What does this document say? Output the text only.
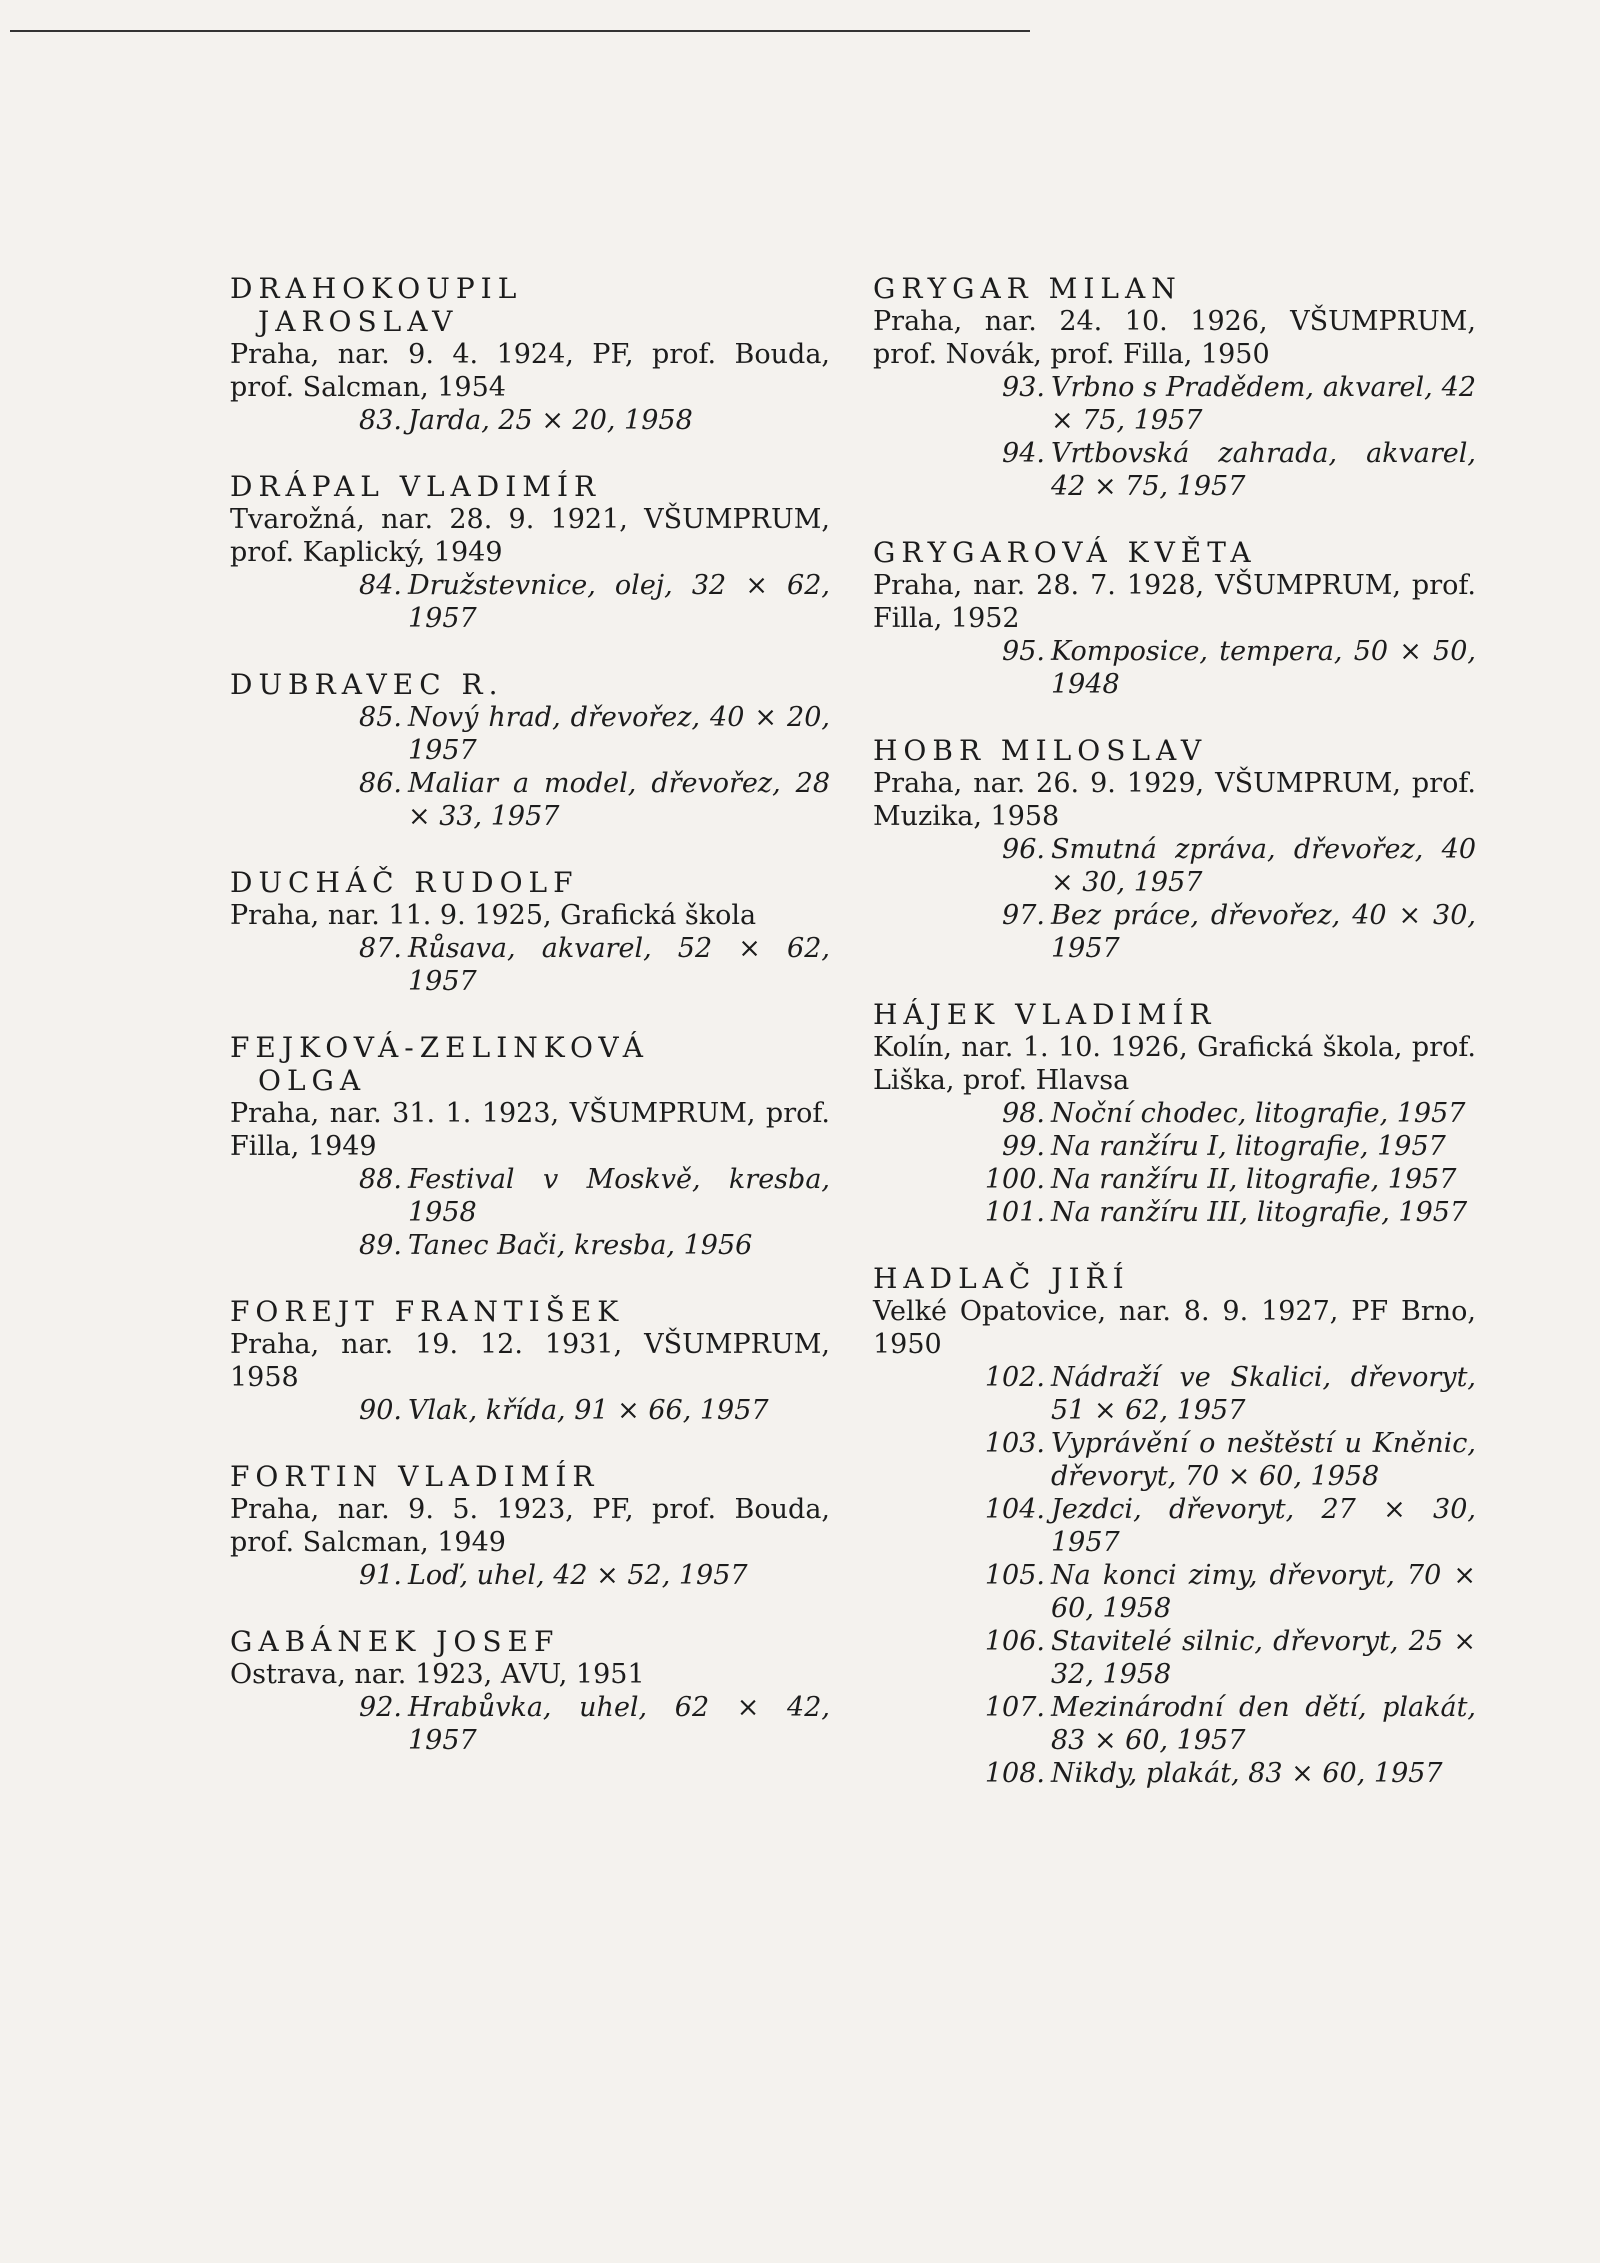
DRAHOKOUPIL
JAROSLAV
Praha, nar. 9. 4. 1924, PF, prof. Bouda, prof. Salcman, 1954
83. Jarda, 25 × 20, 1958
DRÁPAL VLADIMÍR
Tvarožná, nar. 28. 9. 1921, VŠUMPRUM, prof. Kaplický, 1949
84. Družstevnice, olej, 32 × 62, 1957
DUBRAVEC R.
85. Nový hrad, dřevořez, 40 × 20, 1957
86. Maliar a model, dřevořez, 28 × 33, 1957
DUCHÁČ RUDOLF
Praha, nar. 11. 9. 1925, Grafická škola
87. Růsava, akvarel, 52 × 62, 1957
FEJKOVÁ-ZELINKOVÁ
OLGA
Praha, nar. 31. 1. 1923, VŠUMPRUM, prof. Filla, 1949
88. Festival v Moskvě, kresba, 1958
89. Tanec Bači, kresba, 1956
FOREJT FRANTIŠEK
Praha, nar. 19. 12. 1931, VŠUMPRUM, 1958
90. Vlak, křída, 91 × 66, 1957
FORTIN VLADIMÍR
Praha, nar. 9. 5. 1923, PF, prof. Bouda, prof. Salcman, 1949
91. Loď, uhel, 42 × 52, 1957
GABÁNEK JOSEF
Ostrava, nar. 1923, AVU, 1951
92. Hrabůvka, uhel, 62 × 42, 1957
GRYGAR MILAN
Praha, nar. 24. 10. 1926, VŠUMPRUM, prof. Novák, prof. Filla, 1950
93. Vrbno s Pradědem, akvarel, 42 × 75, 1957
94. Vrtbovská zahrada, akvarel, 42 × 75, 1957
GRYGAROVÁ KVĚTA
Praha, nar. 28. 7. 1928, VŠUMPRUM, prof. Filla, 1952
95. Komposice, tempera, 50 × 50, 1948
HOBR MILOSLAV
Praha, nar. 26. 9. 1929, VŠUMPRUM, prof. Muzika, 1958
96. Smutná zpráva, dřevořez, 40 × 30, 1957
97. Bez práce, dřevořez, 40 × 30, 1957
HÁJEK VLADIMÍR
Kolín, nar. 1. 10. 1926, Grafická škola, prof. Liška, prof. Hlavsa
98. Noční chodec, litografie, 1957
99. Na ranžíru I, litografie, 1957
100. Na ranžíru II, litografie, 1957
101. Na ranžíru III, litografie, 1957
HADLAČ JIŘÍ
Velké Opatovice, nar. 8. 9. 1927, PF Brno, 1950
102. Nádraží ve Skalici, dřevoryt, 51 × 62, 1957
103. Vyprávění o neštěstí u Kněnic, dřevoryt, 70 × 60, 1958
104. Jezdci, dřevoryt, 27 × 30, 1957
105. Na konci zimy, dřevoryt, 70 × 60, 1958
106. Stavitelé silnic, dřevoryt, 25 × 32, 1958
107. Mezinárodní den dětí, plakát, 83 × 60, 1957
108. Nikdy, plakát, 83 × 60, 1957
